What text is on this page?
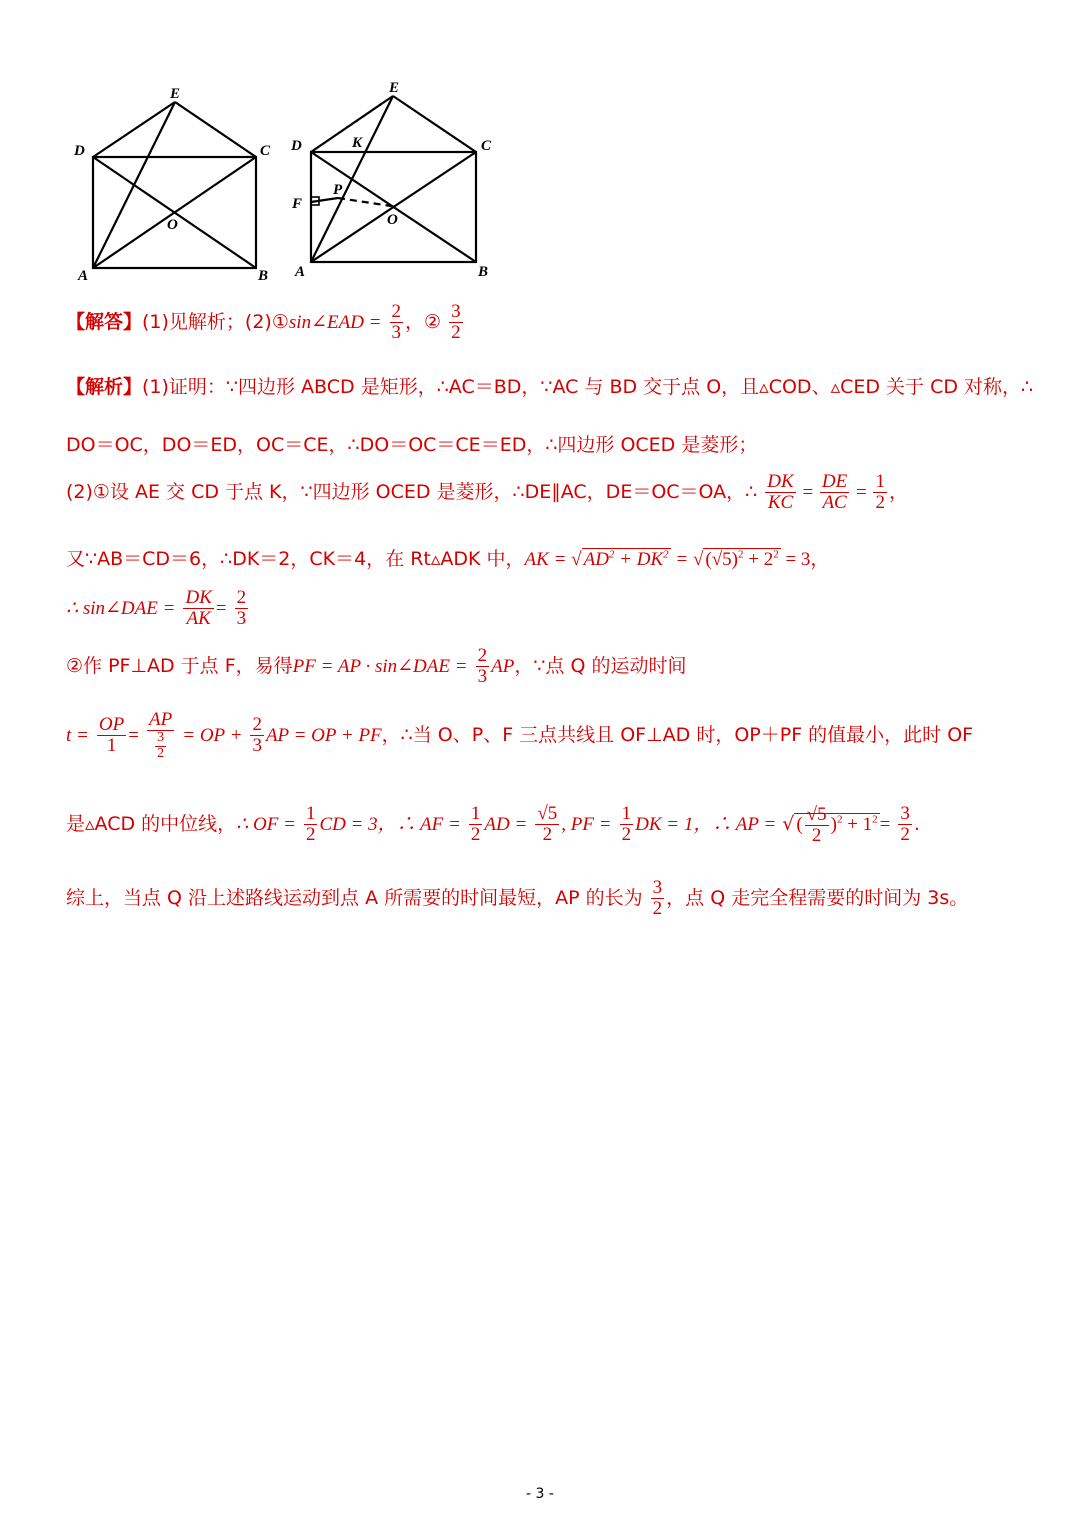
E
D	C
O
A	B
E
K
D	C
P
F
O
A	B
【解答】(1)见解析；(2)①sin∠EAD = $\frac{2}{3}$ ，② $\frac{3}{2}$
【解析】(1)证明：∵四边形 ABCD 是矩形，∴AC＝BD，∵AC 与 BD 交于点 O，且▵COD、▵CED 关于 CD 对称，∴
DO＝OC，DO＝ED，OC＝CE，∴DO＝OC＝CE＝ED，∴四边形 OCED 是菱形；
(2)①设 AE 交 CD 于点 K，∵四边形 OCED 是菱形，∴DE∥AC，DE＝OC＝OA，∴ $\frac{DK}{KC} = \frac{DE}{AC} = \frac{1}{2}$ ，
又∵AB＝CD＝6，∴DK＝2，CK＝4，在 Rt▵ADK 中，AK = √ $AD^2 + DK^2$ = √ $(√5)^2 + 2^2 = 3$，
∴ sin∠DAE = $\frac{DK}{AK} = \frac{2}{3}$
②作 PF⊥AD 于点 F，易得PF = AP · sin∠DAE = $\frac{2}{3}$ AP，∵点 Q 的运动时间
$t = \frac{OP}{1} = \frac{AP}{\frac{3}{2}}$ = OP + $\frac{2}{3}$ AP = OP + PF，∴当 O、P、F 三点共线且 OF⊥AD 时，OP＋PF 的值最小，此时 OF
是▵ACD 的中位线，∴ OF = $\frac{1}{2}$ CD = 3，∴ AF = $\frac{1}{2}$ AD = $\frac{√5}{2}$ , PF = $\frac{1}{2}$ DK = 1，∴ AP = √ ( $\frac{√5}{2} )^2 + 1^2 = \frac{3}{2}$ .
综上，当点 Q 沿上述路线运动到点 A 所需要的时间最短，AP 的长为 $\frac{3}{2}$ ，点 Q 走完全程需要的时间为 3s。
- 3 -
